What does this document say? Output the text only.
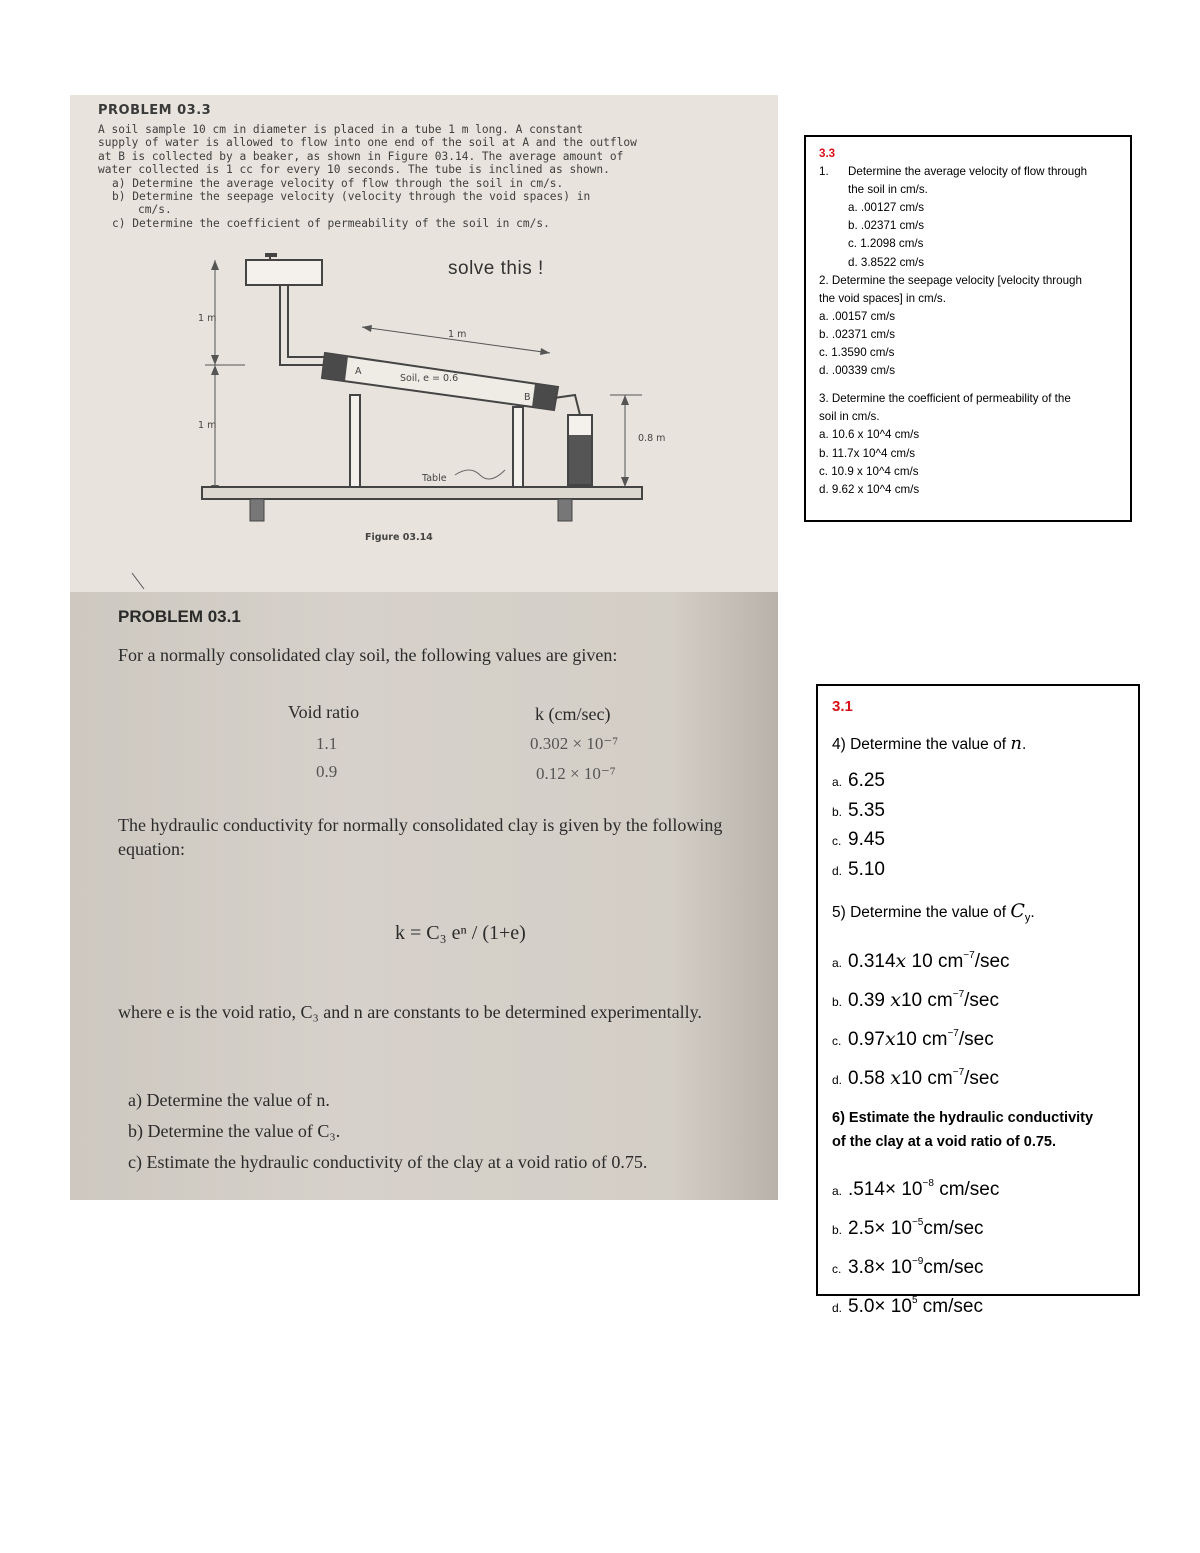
PROBLEM 03.3

A soil sample 10 cm in diameter is placed in a tube 1 m long. A constant

supply of water is allowed to flow into one end of the soil at A and the outflow

at B is collected by a beaker, as shown in Figure 03.14. The average amount of

water collected is 1 cc for every 10 seconds. The tube is inclined as shown.

a) Determine the average velocity of flow through the soil in cm/s.

b) Determine the seepage velocity (velocity through the void spaces) in

cm/s.

c) Determine the coefficient of permeability of the soil in cm/s.

solve this !
1 m
1 m
1 m
A
B
Soil, e = 0.6
0.8 m
Table
Figure 03.14
PROBLEM 03.1
For a normally consolidated clay soil, the following values are given:
Void ratio	k (cm/sec)
1.1	0.302 × 10⁻⁷
0.9	0.12 × 10⁻⁷
The hydraulic conductivity for normally consolidated clay is given by the following equation:
k = C₃ eⁿ / (1+e)
where e is the void ratio, C₃ and n are constants to be determined experimentally.
a) Determine the value of n.
b) Determine the value of C₃.
c) Estimate the hydraulic conductivity of the clay at a void ratio of 0.75.
3.3
1.	Determine the average velocity of flow through
the soil in cm/s.
a. .00127 cm/s
b. .02371 cm/s
c. 1.2098 cm/s
d. 3.8522 cm/s
2. Determine the seepage velocity [velocity through
the void spaces] in cm/s.
a. .00157 cm/s
b. .02371 cm/s
c. 1.3590 cm/s
d. .00339 cm/s
3. Determine the coefficient of permeability of the
soil in cm/s.
a. 10.6 x 10^4 cm/s
b. 11.7x 10^4 cm/s
c. 10.9 x 10^4 cm/s
d. 9.62 x 10^4 cm/s
3.1
4) Determine the value of n.
a. 6.25
b. 5.35
c. 9.45
d. 5.10
5) Determine the value of $C_y$.
a. 0.314x 10 $cm^{-7}/\sec$
b. 0.39 x10 $cm^{-7}/\sec$
c. 0.97x10 $cm^{-7}/\sec$
d. 0.58 x10 $cm^{-7}/\sec$
6) Estimate the hydraulic conductivity
of the clay at a void ratio of 0.75.
a. $.514\times 10^{-8}$ cm/sec
b. $2.5\times 10^{-5}cm/\sec$
c. $3.8\times 10^{-9}cm/\sec$
d. $5.0\times 10^5$ cm/sec
